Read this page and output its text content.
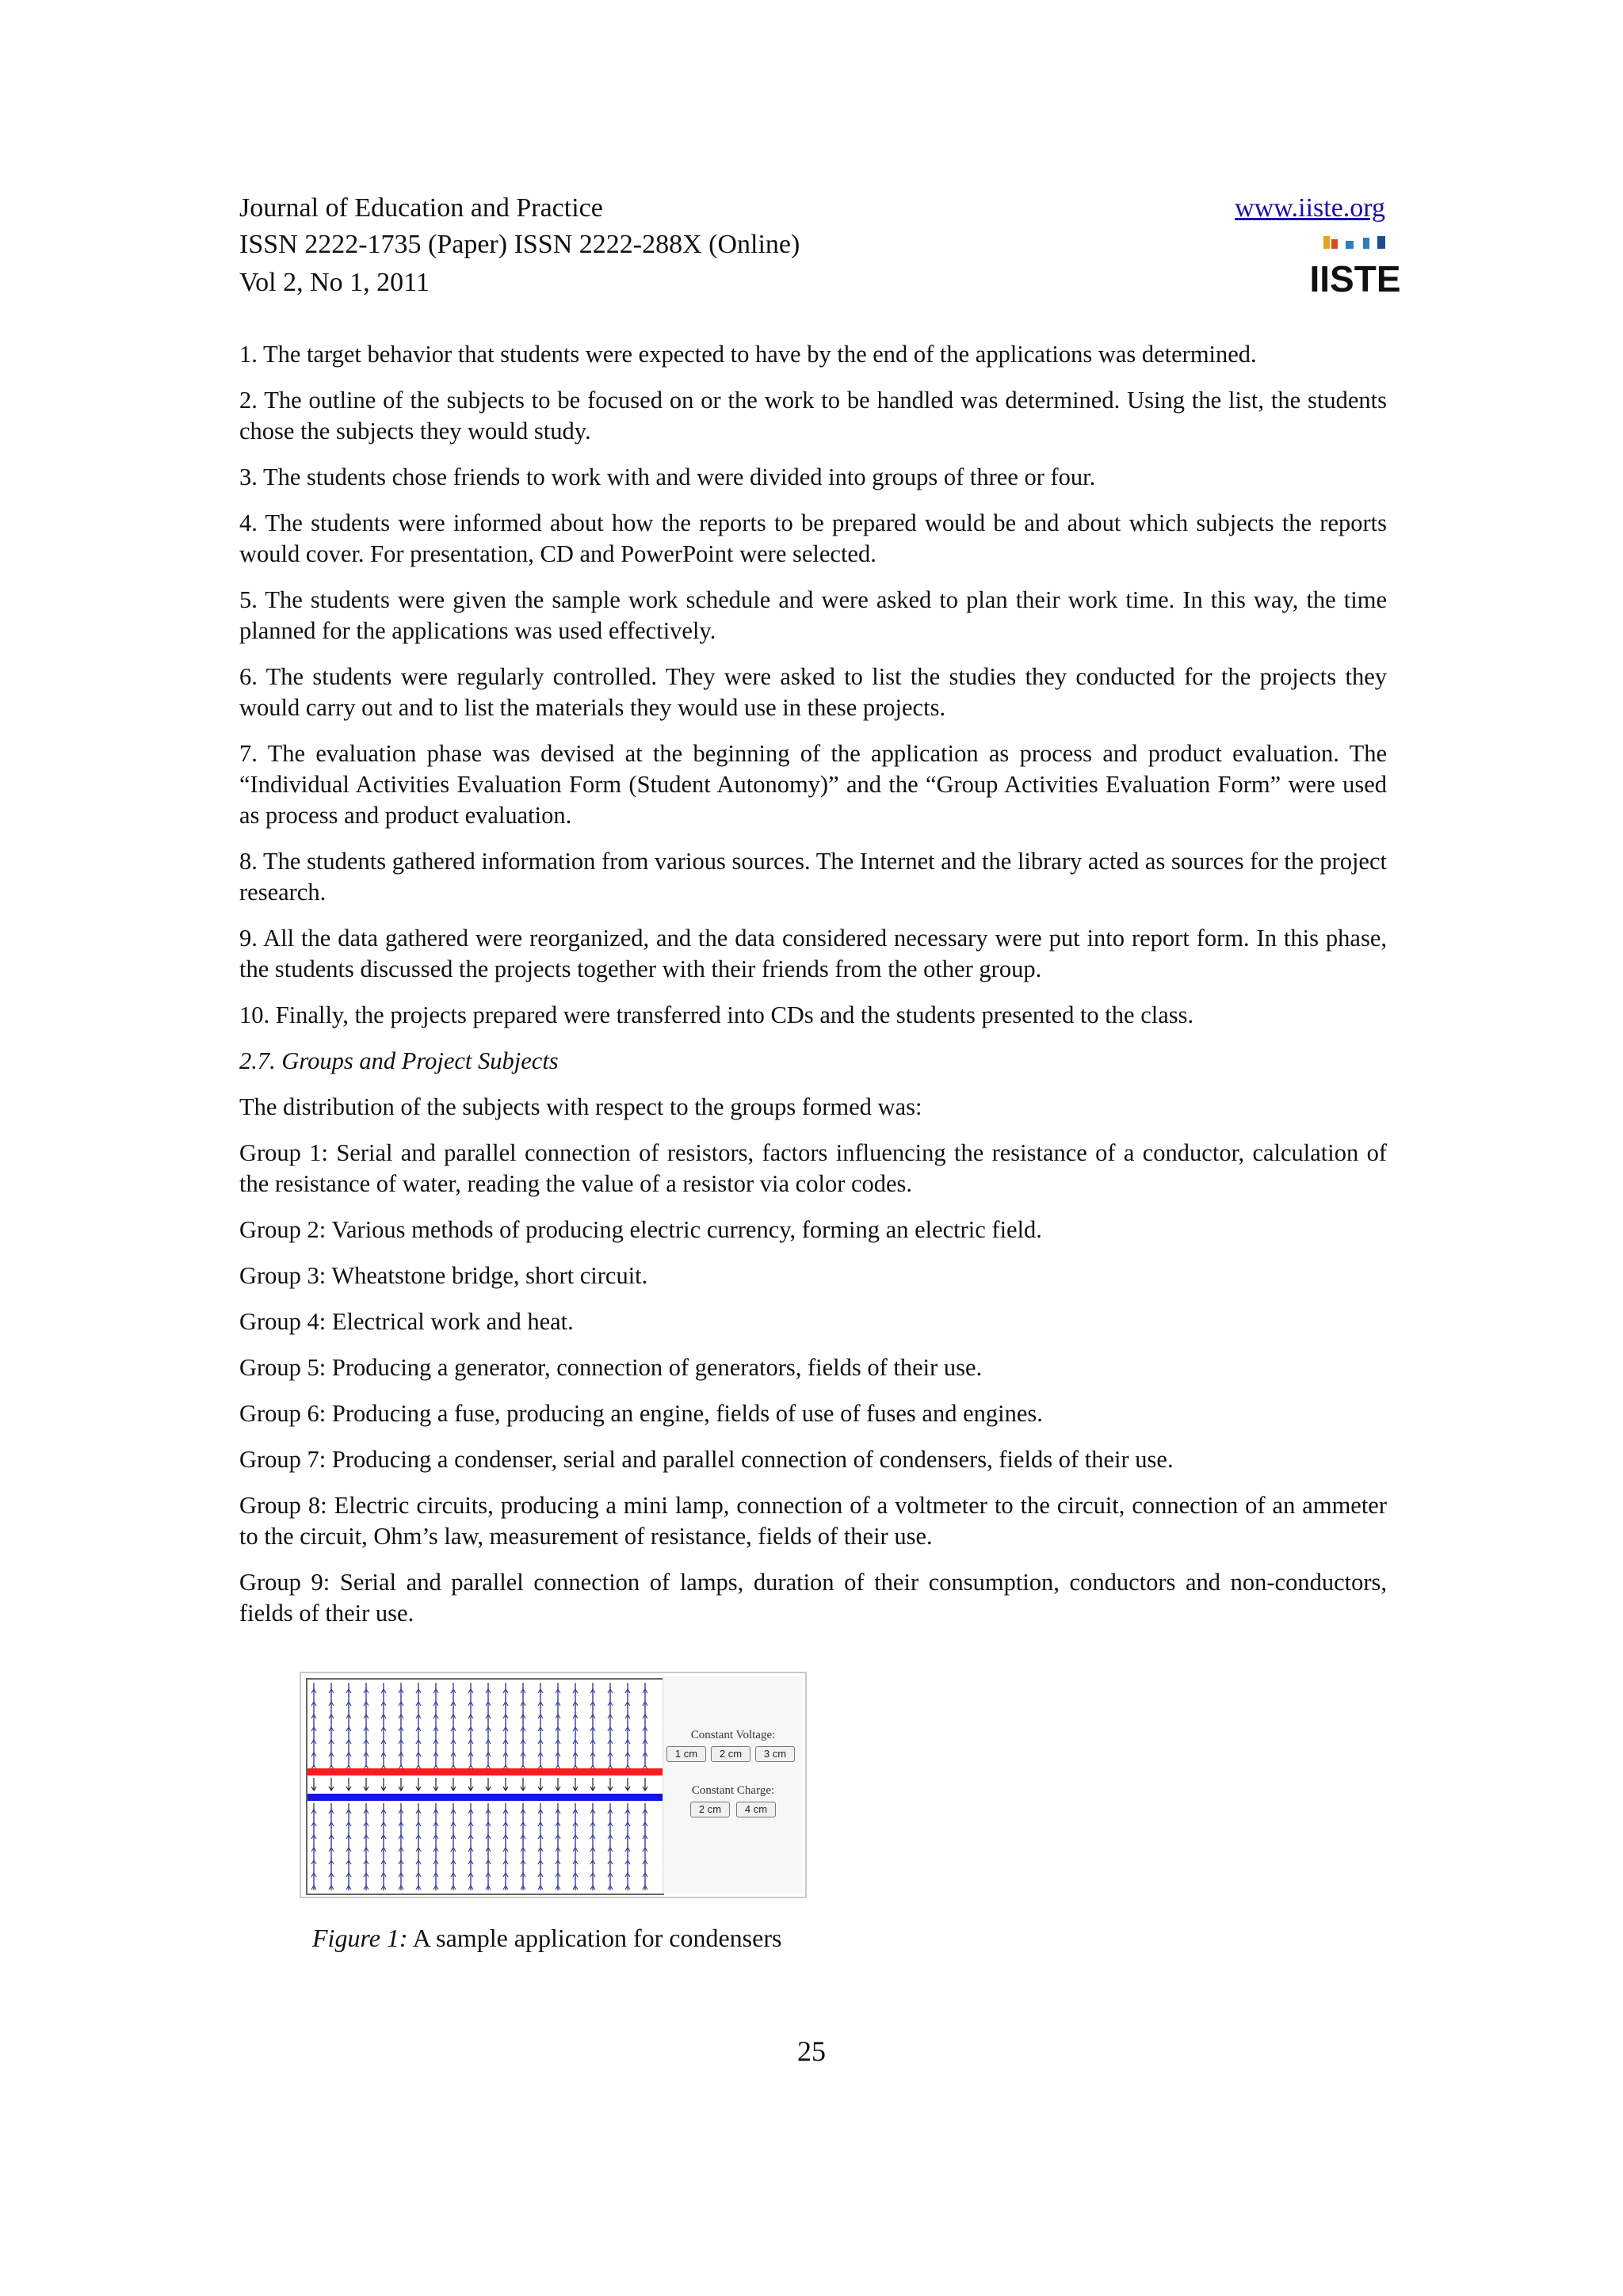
Journal of Education and Practice	www.iiste.org
ISSN 2222-1735 (Paper) ISSN 2222-288X (Online)
Vol 2, No 1, 2011	IISTE

1. The target behavior that students were expected to have by the end of the applications was determined.

2. The outline of the subjects to be focused on or the work to be handled was determined. Using the list, the students chose the subjects they would study.

3. The students chose friends to work with and were divided into groups of three or four.

4. The students were informed about how the reports to be prepared would be and about which subjects the reports would cover. For presentation, CD and PowerPoint were selected.

5. The students were given the sample work schedule and were asked to plan their work time. In this way, the time planned for the applications was used effectively.

6. The students were regularly controlled. They were asked to list the studies they conducted for the projects they would carry out and to list the materials they would use in these projects.

7. The evaluation phase was devised at the beginning of the application as process and product evaluation. The “Individual Activities Evaluation Form (Student Autonomy)” and the “Group Activities Evaluation Form” were used as process and product evaluation.

8. The students gathered information from various sources. The Internet and the library acted as sources for the project research.

9. All the data gathered were reorganized, and the data considered necessary were put into report form. In this phase, the students discussed the projects together with their friends from the other group.

10. Finally, the projects prepared were transferred into CDs and the students presented to the class.

2.7. Groups and Project Subjects

The distribution of the subjects with respect to the groups formed was:

Group 1: Serial and parallel connection of resistors, factors influencing the resistance of a conductor, calculation of the resistance of water, reading the value of a resistor via color codes.

Group 2: Various methods of producing electric currency, forming an electric field.

Group 3: Wheatstone bridge, short circuit.

Group 4: Electrical work and heat.

Group 5: Producing a generator, connection of generators, fields of their use.

Group 6: Producing a fuse, producing an engine, fields of use of fuses and engines.

Group 7: Producing a condenser, serial and parallel connection of condensers, fields of their use.

Group 8: Electric circuits, producing a mini lamp, connection of a voltmeter to the circuit, connection of an ammeter to the circuit, Ohm’s law, measurement of resistance, fields of their use.

Group 9: Serial and parallel connection of lamps, duration of their consumption, conductors and non-conductors, fields of their use.

Constant Voltage:
1 cm	2 cm	3 cm
Constant Charge:
2 cm	4 cm
Figure 1: A sample application for condensers
25
